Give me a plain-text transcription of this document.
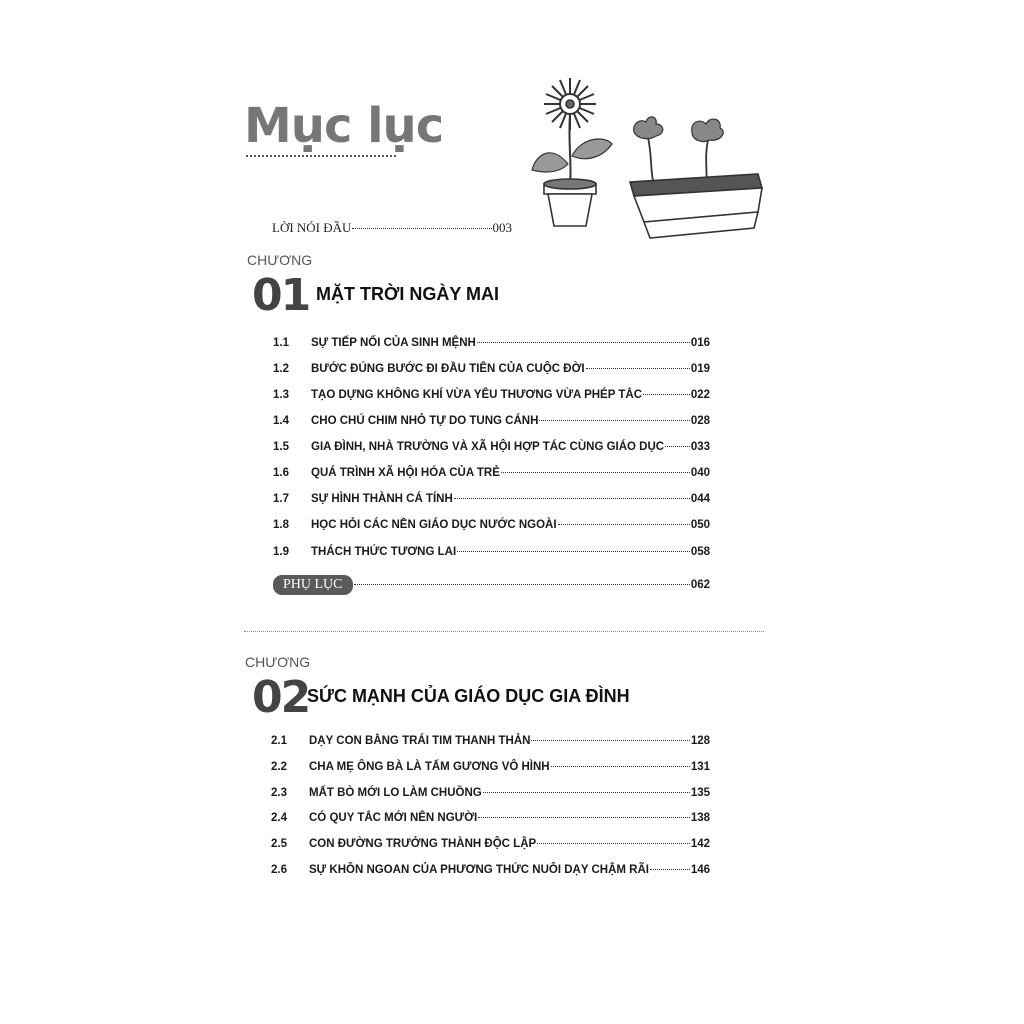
Mục lục
LỜI NÓI ĐẦU	003
CHƯƠNG
01 MẶT TRỜI NGÀY MAI
1.1	SỰ TIẾP NỐI CỦA SINH MỆNH	016
1.2	BƯỚC ĐÚNG BƯỚC ĐI ĐẦU TIÊN CỦA CUỘC ĐỜI	019
1.3	TẠO DỰNG KHÔNG KHÍ VỪA YÊU THƯƠNG VỪA PHÉP TẮC	022
1.4	CHO CHÚ CHIM NHỎ TỰ DO TUNG CÁNH	028
1.5	GIA ĐÌNH, NHÀ TRƯỜNG VÀ XÃ HỘI HỢP TÁC CÙNG GIÁO DỤC 033
1.6	QUÁ TRÌNH XÃ HỘI HÓA CỦA TRẺ	040
1.7	SỰ HÌNH THÀNH CÁ TÍNH	044
1.8	HỌC HỎI CÁC NỀN GIÁO DỤC NƯỚC NGOÀI	050
1.9	THÁCH THỨC TƯƠNG LAI	058
PHỤ LỤC	062
CHƯƠNG
02
SỨC MẠNH CỦA GIÁO DỤC GIA ĐÌNH
2.1	DẠY CON BẰNG TRÁI TIM THANH THẢN	128
2.2	CHA MẸ ÔNG BÀ LÀ TẤM GƯƠNG VÔ HÌNH	131
2.3	MẤT BÒ MỚI LO LÀM CHUỒNG	135
2.4	CÓ QUY TẮC MỚI NÊN NGƯỜI	138
2.5	CON ĐƯỜNG TRƯỞNG THÀNH ĐỘC LẬP	142
2.6	SỰ KHÔN NGOAN CỦA PHƯƠNG THỨC NUÔI DẠY CHẬM RÃI	146
